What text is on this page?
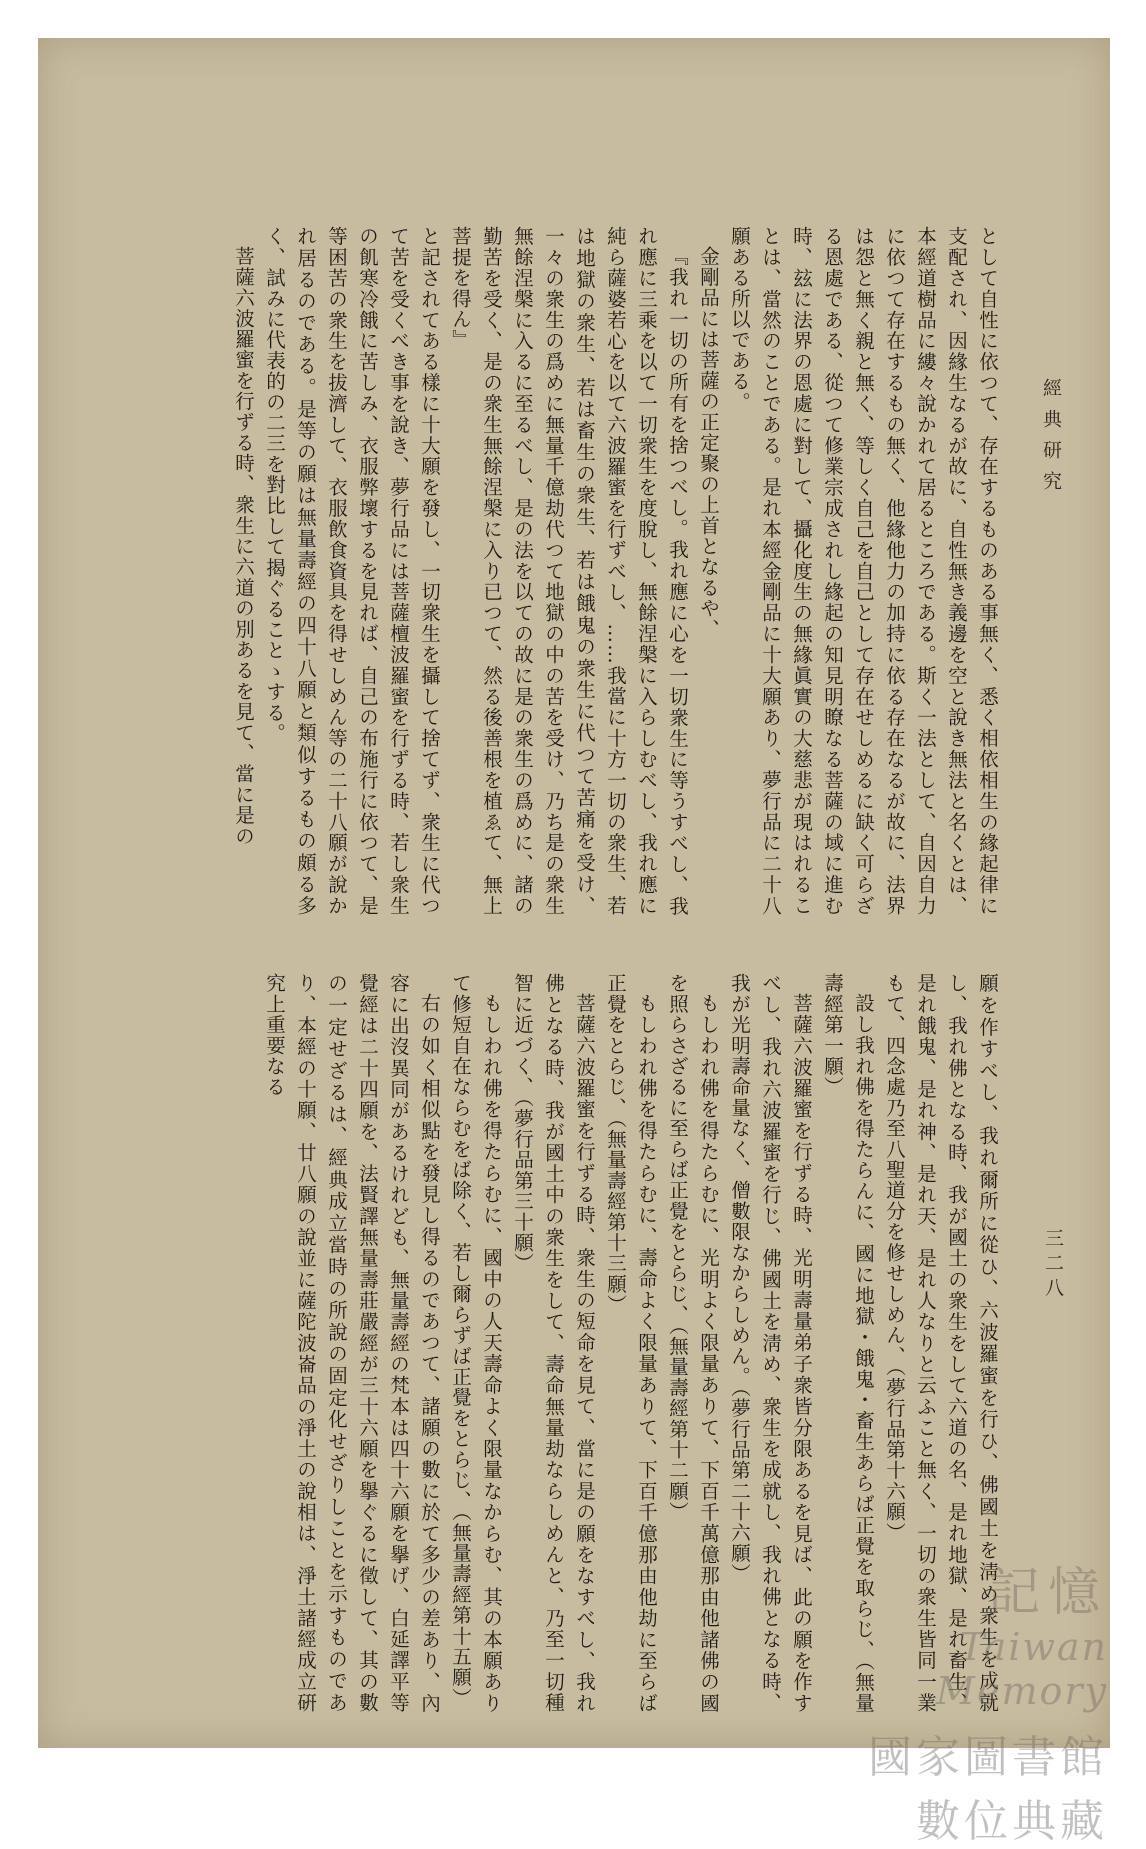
經典研究
三二八

として自性に依つて、存在するものある事無く、悉く相依相生の緣起律に支配され、因緣生なるが故に、自性無き義邊を空と說き無法と名くとは、本經道樹品に縷々說かれて居るところである。斯く一法として、自因自力に依つて存在するもの無く、他緣他力の加持に依る存在なるが故に、法界は怨と無く親と無く、等しく自己を自己として存在せしめるに缺く可らざる恩處である、從つて修業宗成されし緣起の知見明瞭なる菩薩の域に進む時、玆に法界の恩處に對して、攝化度生の無緣眞實の大慈悲が現はれることは、當然のことである。是れ本經金剛品に十大願あり、夢行品に二十八願ある所以である。

金剛品には菩薩の正定聚の上首となるや、

『我れ一切の所有を捨つべし。我れ應に心を一切衆生に等うすべし、我れ應に三乘を以て一切衆生を度脫し、無餘涅槃に入らしむべし、我れ應に純ら薩婆若心を以て六波羅蜜を行ずべし、……我當に十方一切の衆生、若は地獄の衆生、若は畜生の衆生、若は餓鬼の衆生に代つて苦痛を受け、一々の衆生の爲めに無量千億劫代つて地獄の中の苦を受け、乃ち是の衆生無餘涅槃に入るに至るべし、是の法を以ての故に是の衆生の爲めに、諸の勤苦を受く、是の衆生無餘涅槃に入り已つて、然る後善根を植ゑて、無上菩提を得ん』

と記されてある樣に十大願を發し、一切衆生を攝して捨てず、衆生に代つて苦を受くべき事を說き、夢行品には菩薩檀波羅蜜を行ずる時、若し衆生の飢寒冷餓に苦しみ、衣服弊壞するを見れば、自己の布施行に依つて、是等困苦の衆生を拔濟して、衣服飲食資具を得せしめん等の二十八願が說かれ居るのである。是等の願は無量壽經の四十八願と類似するもの頗る多く、試みに代表的の二三を對比して揭ぐることゝする。

菩薩六波羅蜜を行ずる時、衆生に六道の別あるを見て、當に是の

願を作すべし、我れ爾所に從ひ、六波羅蜜を行ひ、佛國土を淸め衆生を成就し、我れ佛となる時、我が國土の衆生をして六道の名、是れ地獄、是れ畜生、是れ餓鬼、是れ神、是れ天、是れ人なりと云ふこと無く、一切の衆生皆同一業もて、四念處乃至八聖道分を修せしめん、（夢行品第十六願）

設し我れ佛を得たらんに、國に地獄・餓鬼・畜生あらば正覺を取らじ、（無量壽經第一願）

菩薩六波羅蜜を行ずる時、光明壽量弟子衆皆分限あるを見ば、此の願を作すべし、我れ六波羅蜜を行じ、佛國土を淸め、衆生を成就し、我れ佛となる時、我が光明壽命量なく、僧數限なからしめん。（夢行品第二十六願）

もしわれ佛を得たらむに、光明よく限量ありて、下百千萬億那由他諸佛の國を照らさざるに至らば正覺をとらじ、（無量壽經第十二願）

もしわれ佛を得たらむに、壽命よく限量ありて、下百千億那由他劫に至らば正覺をとらじ、（無量壽經第十三願）

菩薩六波羅蜜を行ずる時、衆生の短命を見て、當に是の願をなすべし、我れ佛となる時、我が國土中の衆生をして、壽命無量劫ならしめんと、乃至一切種智に近づく、（夢行品第三十願）

もしわれ佛を得たらむに、國中の人天壽命よく限量なからむ、其の本願ありて修短自在ならむをば除く、若し爾らずば正覺をとらじ、（無量壽經第十五願）

右の如く相似點を發見し得るのであつて、諸願の數に於て多少の差あり、內容に出沒異同があるけれども、無量壽經の梵本は四十六願を擧げ、白延譯平等覺經は二十四願を、法賢譯無量壽莊嚴經が三十六願を擧ぐるに徵して、其の數の一定せざるは、經典成立當時の所說の固定化せざりしことを示すものであり、本經の十願、廿八願の說並に薩陀波崙品の淨土の說相は、淨土諸經成立硏究上重要なる

記憶
Taiwan Memory
國家圖書館數位典藏
